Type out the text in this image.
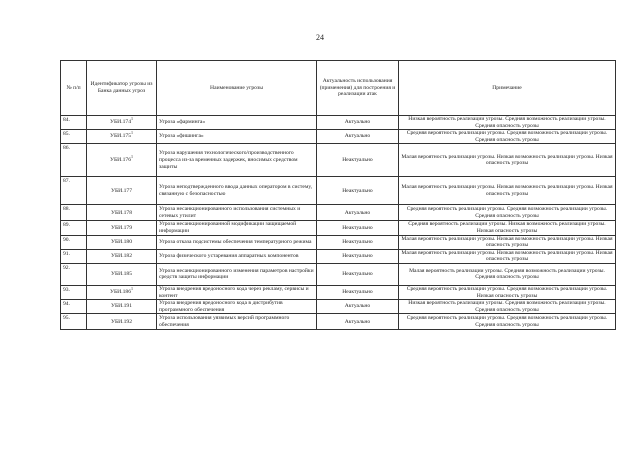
24
№ п/п	Идентификатор угрозы из Банка данных угроз	Наименование угрозы	Актуальность использования (применения) для построения и реализации атак	Примечание
84.	УБИ.174$^1$	Угроза «фарминга»	Актуально	Низкая вероятность реализации угрозы. Средняя возможность реализации угрозы. Средняя опасность угрозы
85.	УБИ.175$^1$	Угроза «фишинга»	Актуально	Средняя вероятность реализации угрозы. Средняя возможность реализации угрозы. Средняя опасность угрозы
86.	УБИ.176$^1$	Угроза нарушения технологического/производственного процесса из-за временных задержек, вносимых средством защиты	Неактуально	Малая вероятность реализации угрозы. Низкая возможность реализации угрозы. Низкая опасность угрозы
87.	УБИ.177	Угроза неподтвержденного ввода данных оператором в систему, связанную с безопасностью	Неактуально	Малая вероятность реализации угрозы. Низкая возможность реализации угрозы. Низкая опасность угрозы
88.	УБИ.178	Угроза несанкционированного использования системных и сетевых утилит	Актуально	Средняя вероятность реализации угрозы. Средняя возможность реализации угрозы. Средняя опасность угрозы
89.	УБИ.179	Угроза несанкционированной модификации защищаемой информации	Неактуально	Средняя вероятность реализации угрозы. Низкая возможность реализации угрозы. Низкая опасность угрозы
90.	УБИ.180	Угроза отказа подсистемы обеспечения температурного режима	Неактуально	Малая вероятность реализации угрозы. Низкая возможность реализации угрозы. Низкая опасность угрозы
91.	УБИ.182	Угроза физического устаревания аппаратных компонентов	Неактуально	Малая вероятность реализации угрозы. Низкая возможность реализации угрозы. Низкая опасность угрозы
92.	УБИ.185	Угроза несанкционированного изменения параметров настройки средств защиты информации	Неактуально	Малая вероятность реализации угрозы. Средняя возможность реализации угрозы. Средняя опасность угрозы
93.	УБИ.186$^1$	Угроза внедрения вредоносного кода через рекламу, сервисы и контент	Неактуально	Средняя вероятность реализации угрозы. Средняя возможность реализации угрозы. Низкая опасность угрозы
94.	УБИ.191	Угроза внедрения вредоносного кода в дистрибутив программного обеспечения	Актуально	Низкая вероятность реализации угрозы. Средняя возможность реализации угрозы. Средняя опасность угрозы
95.	УБИ.192	Угроза использования уязвимых версий программного обеспечения	Актуально	Средняя вероятность реализации угрозы. Средняя возможность реализации угрозы. Средняя опасность угрозы
